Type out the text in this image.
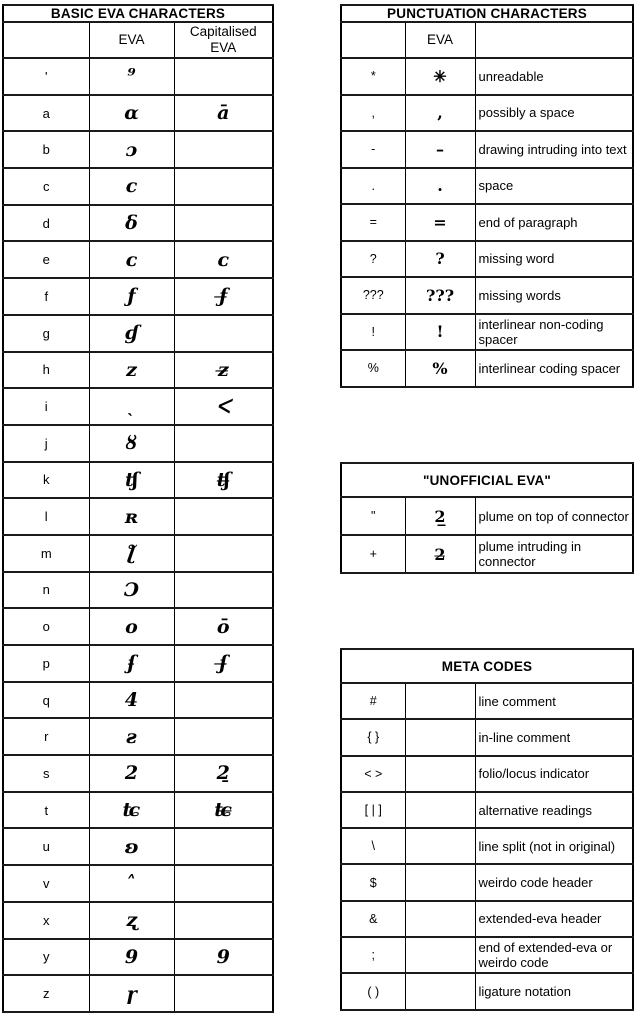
BASIC EVA CHARACTERS		
	EVA	Capitalised EVA
'	⁹	
a	ɑ	ā
b	ɔ	
c	c	
d	δ	
e	ᴄ	ᴄ
f	ƒ	ƒ̶
g	ɠ	
h	ᴢ	ᴢ̶
i	ˎ	ᐸ
j	ȣ	
k	ʧ	ʧ̶
l	ʀ	
m	ƪ	
n	Ɔ	
o	o	ō
p	ʄ	ʄ̶
q	4	
r	ƨ	
s	2	2̱
t	ʨ	ʨ̶
u	ʚ	
v	˄	
x	ʐ	
y	9	9
z	ɼ	
PUNCTUATION CHARACTERS		
	EVA	
*	✳	unreadable
,	,	possibly a space
-	–	drawing intruding into text
.	.	space
=	=	end of paragraph
?	?	missing word
???	???	missing words
!	!	interlinear non-coding spacer
%	%	interlinear coding spacer
"UNOFFICIAL EVA"		
"	2̲	plume on top of connector
+	2̶	plume intruding in connector
META CODES		
#		line comment
{ }		in-line comment
< >		folio/locus indicator
[ | ]		alternative readings
\		line split (not in original)
$		weirdo code header
&		extended-eva header
;		end of extended-eva or weirdo code
( )		ligature notation
